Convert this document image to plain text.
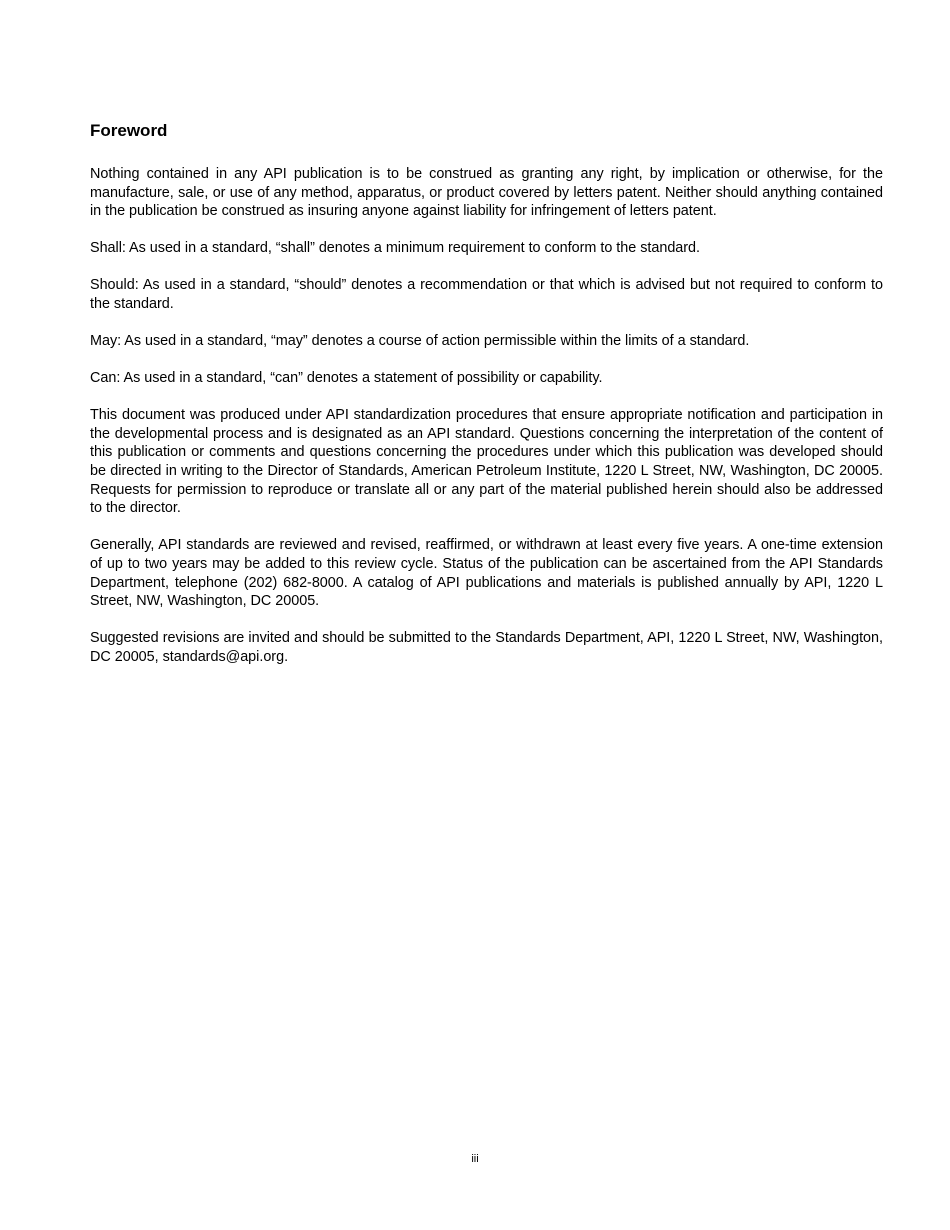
Foreword

Nothing contained in any API publication is to be construed as granting any right, by implication or otherwise, for the manufacture, sale, or use of any method, apparatus, or product covered by letters patent. Neither should anything contained in the publication be construed as insuring anyone against liability for infringement of letters patent.

Shall: As used in a standard, “shall” denotes a minimum requirement to conform to the standard.

Should: As used in a standard, “should” denotes a recommendation or that which is advised but not required to conform to the standard.

May: As used in a standard, “may” denotes a course of action permissible within the limits of a standard.

Can: As used in a standard, “can” denotes a statement of possibility or capability.

This document was produced under API standardization procedures that ensure appropriate notification and participation in the developmental process and is designated as an API standard. Questions concerning the interpretation of the content of this publication or comments and questions concerning the procedures under which this publication was developed should be directed in writing to the Director of Standards, American Petroleum Institute, 1220 L Street, NW, Washington, DC 20005. Requests for permission to reproduce or translate all or any part of the material published herein should also be addressed to the director.

Generally, API standards are reviewed and revised, reaffirmed, or withdrawn at least every five years. A one-time extension of up to two years may be added to this review cycle. Status of the publication can be ascertained from the API Standards Department, telephone (202) 682-8000. A catalog of API publications and materials is published annually by API, 1220 L Street, NW, Washington, DC 20005.

Suggested revisions are invited and should be submitted to the Standards Department, API, 1220 L Street, NW, Washington, DC 20005, standards@api.org.

iii
